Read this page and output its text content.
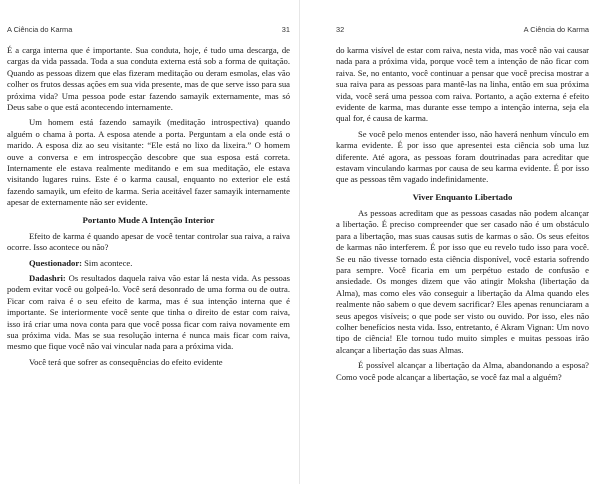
A Ciência do Karma	31

É a carga interna que é importante. Sua conduta, hoje, é tudo uma descarga, de cargas da vida passada. Toda a sua conduta externa está sob a forma de quitação. Quando as pessoas dizem que elas fizeram meditação ou deram esmolas, elas vão colher os frutos dessas ações em sua vida presente, mas de que serve isso para sua próxima vida? Uma pessoa pode estar fazendo samayik externamente, mas só Deus sabe o que está acontecendo internamente.

Um homem está fazendo samayik (meditação introspectiva) quando alguém o chama à porta. A esposa atende a porta. Perguntam a ela onde está o marido. A esposa diz ao seu visitante: “Ele está no lixo da lixeira.” O homem ouve a conversa e em introspecção descobre que sua esposa está correta. Internamente ele estava realmente meditando e em sua meditação, ele estava visitando lugares ruins. Este é o karma causal, enquanto no exterior ele está fazendo samayik, um efeito de karma. Seria aceitável fazer samayik internamente apesar de externamente não ser evidente.

Portanto Mude A Intenção Interior

Efeito de karma é quando apesar de você tentar controlar sua raiva, a raiva ocorre. Isso acontece ou não?

Questionador: Sim acontece.

Dadashri: Os resultados daquela raiva vão estar lá nesta vida. As pessoas podem evitar você ou golpeá-lo. Você será desonrado de uma forma ou de outra. Ficar com raiva é o seu efeito de karma, mas é sua intenção interna que é importante. Se interiormente você sente que tinha o direito de estar com raiva, isso irá criar uma nova conta para que você possa ficar com raiva novamente em sua próxima vida. Mas se sua resolução interna é nunca mais ficar com raiva, mesmo que fique você não vai vincular nada para a próxima vida.

Você terá que sofrer as consequências do efeito evidente

32	A Ciência do Karma

do karma visível de estar com raiva, nesta vida, mas você não vai causar nada para a próxima vida, porque você tem a intenção de não ficar com raiva. Se, no entanto, você continuar a pensar que você precisa mostrar a sua raiva para as pessoas para mantê-las na linha, então em sua próxima vida, você será uma pessoa com raiva. Portanto, a ação externa é efeito evidente de karma, mas durante esse tempo a intenção interna, seja ela qual for, é causa de karma.

Se você pelo menos entender isso, não haverá nenhum vínculo em karma evidente. É por isso que apresentei esta ciência sob uma luz diferente. Até agora, as pessoas foram doutrinadas para acreditar que estavam vinculando karmas por causa de seu karma evidente. É por isso que as pessoas têm vagado indefinidamente.

Viver Enquanto Libertado

As pessoas acreditam que as pessoas casadas não podem alcançar a libertação. É preciso compreender que ser casado não é um obstáculo para a libertação, mas suas causas sutis de karmas o são. Os seus efeitos de karmas não interferem. É por isso que eu revelo tudo isso para você. Se eu não tivesse tornado esta ciência disponível, você estaria sofrendo para sempre. Você ficaria em um perpétuo estado de confusão e ansiedade. Os monges dizem que vão atingir Moksha (libertação da Alma), mas como eles vão conseguir a libertação da Alma quando eles realmente não sabem o que devem sacrificar? Eles apenas renunciaram a seus apegos visíveis; o que pode ser visto ou ouvido. Por isso, eles não colher benefícios nesta vida. Isso, entretanto, é Akram Vignan: Um novo tipo de ciência! Ele tornou tudo muito simples e muitas pessoas irão alcançar a libertação das suas Almas.

É possível alcançar a libertação da Alma, abandonando a esposa? Como você pode alcançar a libertação, se você faz mal a alguém?
